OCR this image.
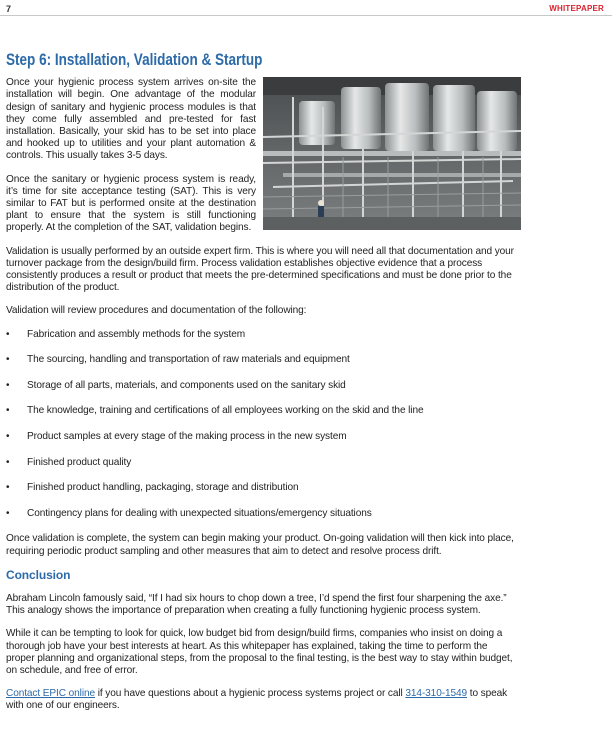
7	WHITEPAPER
Step 6: Installation, Validation & Startup

Once your hygienic process system arrives on-site the installation will begin. One advantage of the modular design of sanitary and hygienic process modules is that they come fully assembled and pre-tested for fast installation. Basically, your skid has to be set into place and hooked up to utilities and your plant automation & controls. This usually takes 3-5 days.

Once the sanitary or hygienic process system is ready, it’s time for site acceptance testing (SAT). This is very similar to FAT but is performed onsite at the destination plant to ensure that the system is still functioning properly. At the completion of the SAT, validation begins.

Validation is usually performed by an outside expert firm. This is where you will need all that documentation and your turnover package from the design/build firm. Process validation establishes objective evidence that a process consistently produces a result or product that meets the pre-determined specifications and must be done prior to the distribution of the product.

Validation will review procedures and documentation of the following:

• Fabrication and assembly methods for the system
• The sourcing, handling and transportation of raw materials and equipment
• Storage of all parts, materials, and components used on the sanitary skid
• The knowledge, training and certifications of all employees working on the skid and the line
• Product samples at every stage of the making process in the new system
• Finished product quality
• Finished product handling, packaging, storage and distribution
• Contingency plans for dealing with unexpected situations/emergency situations

Once validation is complete, the system can begin making your product. On-going validation will then kick into place, requiring periodic product sampling and other measures that aim to detect and resolve process drift.

Conclusion

Abraham Lincoln famously said, “If I had six hours to chop down a tree, I’d spend the first four sharpening the axe.” This analogy shows the importance of preparation when creating a fully functioning hygienic process system.

While it can be tempting to look for quick, low budget bid from design/build firms, companies who insist on doing a thorough job have your best interests at heart. As this whitepaper has explained, taking the time to perform the proper planning and organizational steps, from the proposal to the final testing, is the best way to stay within budget, on schedule, and free of error.

Contact EPIC online if you have questions about a hygienic process systems project or call 314-310-1549 to speak with one of our engineers.
